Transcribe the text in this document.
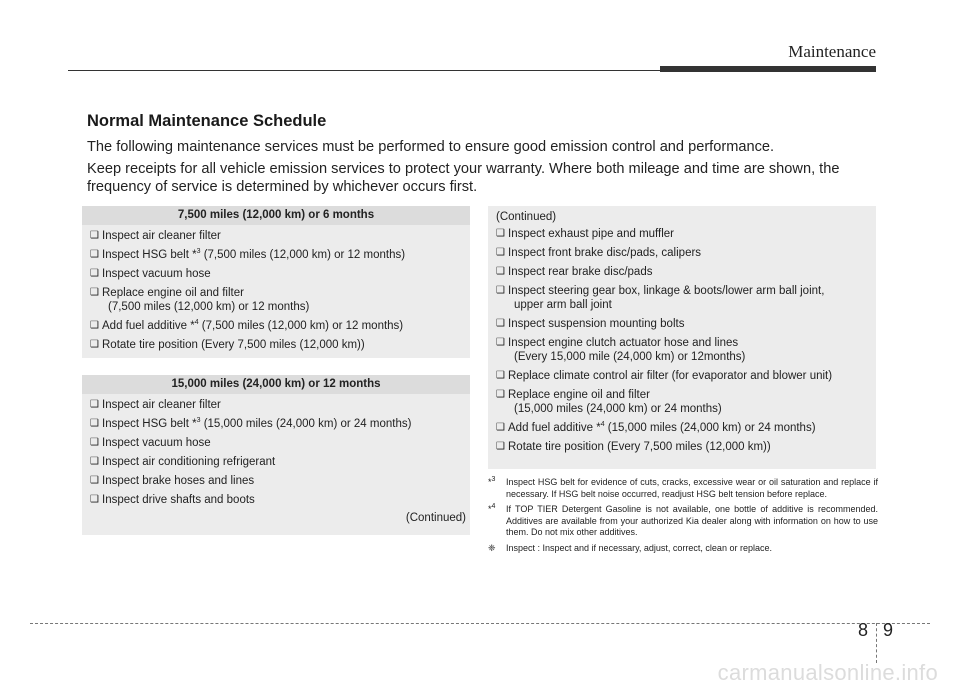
Maintenance
Normal Maintenance Schedule

The following maintenance services must be performed to ensure good emission control and performance.

Keep receipts for all vehicle emission services to protect your warranty. Where both mileage and time are shown, the frequency of service is determined by whichever occurs first.

7,500 miles (12,000 km) or 6 months
❑ Inspect air cleaner filter
❑ Inspect HSG belt *$^3$ (7,500 miles (12,000 km) or 12 months)
❑ Inspect vacuum hose
❑ Replace engine oil and filter
(7,500 miles (12,000 km) or 12 months)
❑ Add fuel additive *$^4$ (7,500 miles (12,000 km) or 12 months)
❑ Rotate tire position (Every 7,500 miles (12,000 km))
15,000 miles (24,000 km) or 12 months
❑ Inspect air cleaner filter
❑ Inspect HSG belt *$^3$ (15,000 miles (24,000 km) or 24 months)
❑ Inspect vacuum hose
❑ Inspect air conditioning refrigerant
❑ Inspect brake hoses and lines
❑ Inspect drive shafts and boots
(Continued)
(Continued)
❑ Inspect exhaust pipe and muffler
❑ Inspect front brake disc/pads, calipers
❑ Inspect rear brake disc/pads
❑ Inspect steering gear box, linkage & boots/lower arm ball joint,
upper arm ball joint
❑ Inspect suspension mounting bolts
❑ Inspect engine clutch actuator hose and lines
(Every 15,000 mile (24,000 km) or 12months)
❑ Replace climate control air filter (for evaporator and blower unit)
❑ Replace engine oil and filter
(15,000 miles (24,000 km) or 24 months)
❑ Add fuel additive *$^4$ (15,000 miles (24,000 km) or 24 months)
❑ Rotate tire position (Every 7,500 miles (12,000 km))
*$^3$	Inspect HSG belt for evidence of cuts, cracks, excessive wear or oil saturation and replace if necessary. If HSG belt noise occurred, readjust HSG belt tension before replace.
*$^4$	If TOP TIER Detergent Gasoline is not available, one bottle of additive is recommended. Additives are available from your authorized Kia dealer along with information on how to use them. Do not mix other additives.
❈	Inspect : Inspect and if necessary, adjust, correct, clean or replace.
8 9
carmanualsonline.info
